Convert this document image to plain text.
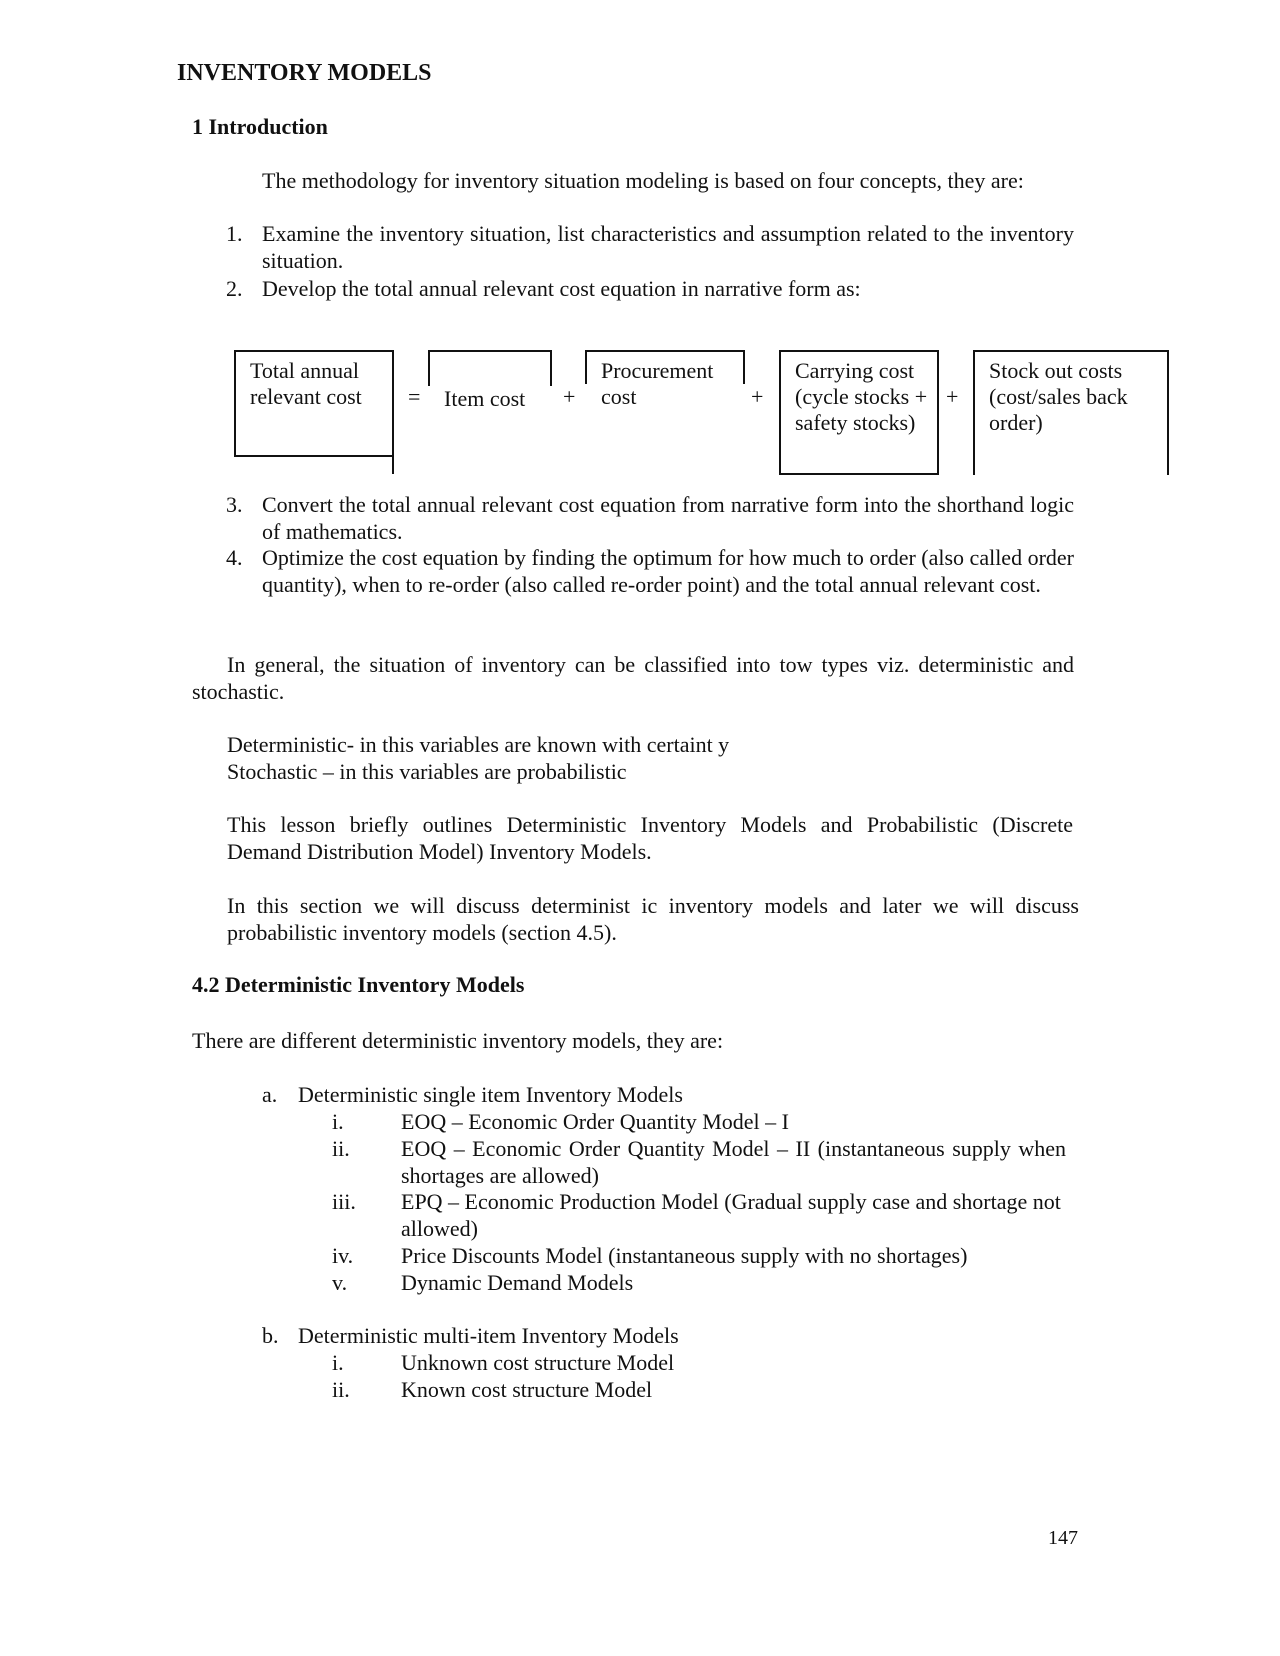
INVENTORY MODELS
1 Introduction
The methodology for inventory situation modeling is based on four concepts, they are:
1. Examine the inventory situation, list characteristics and assumption related to the inventory situation.
2. Develop the total annual relevant cost equation in narrative form as:
Total annual relevant cost	= Item cost +
Procurement cost	+
Carrying cost (cycle stocks + safety stocks)
+
Stock out costs (cost/sales back order)
3. Convert the total annual relevant cost equation from narrative form into the shorthand logic of mathematics.
4. Optimize the cost equation by finding the optimum for how much to order (also called order quantity), when to re-order (also called re-order point) and the total annual relevant cost.
In general, the situation of inventory can be classified into tow types viz. deterministic and stochastic.
Deterministic- in this variables are known with certaint y
Stochastic – in this variables are probabilistic
This lesson briefly outlines Deterministic Inventory Models and Probabilistic (Discrete Demand Distribution Model) Inventory Models.
In this section we will discuss determinist ic inventory models and later we will discuss probabilistic inventory models (section 4.5).
4.2 Deterministic Inventory Models
There are different deterministic inventory models, they are:
a. Deterministic single item Inventory Models
i.	EOQ – Economic Order Quantity Model – I
ii. EOQ – Economic Order Quantity Model – II (instantaneous supply when shortages are allowed)
iii. EPQ – Economic Production Model (Gradual supply case and shortage not allowed)
iv. Price Discounts Model (instantaneous supply with no shortages)
v. Dynamic Demand Models
b. Deterministic multi-item Inventory Models
i.	Unknown cost structure Model
ii. Known cost structure Model
147
